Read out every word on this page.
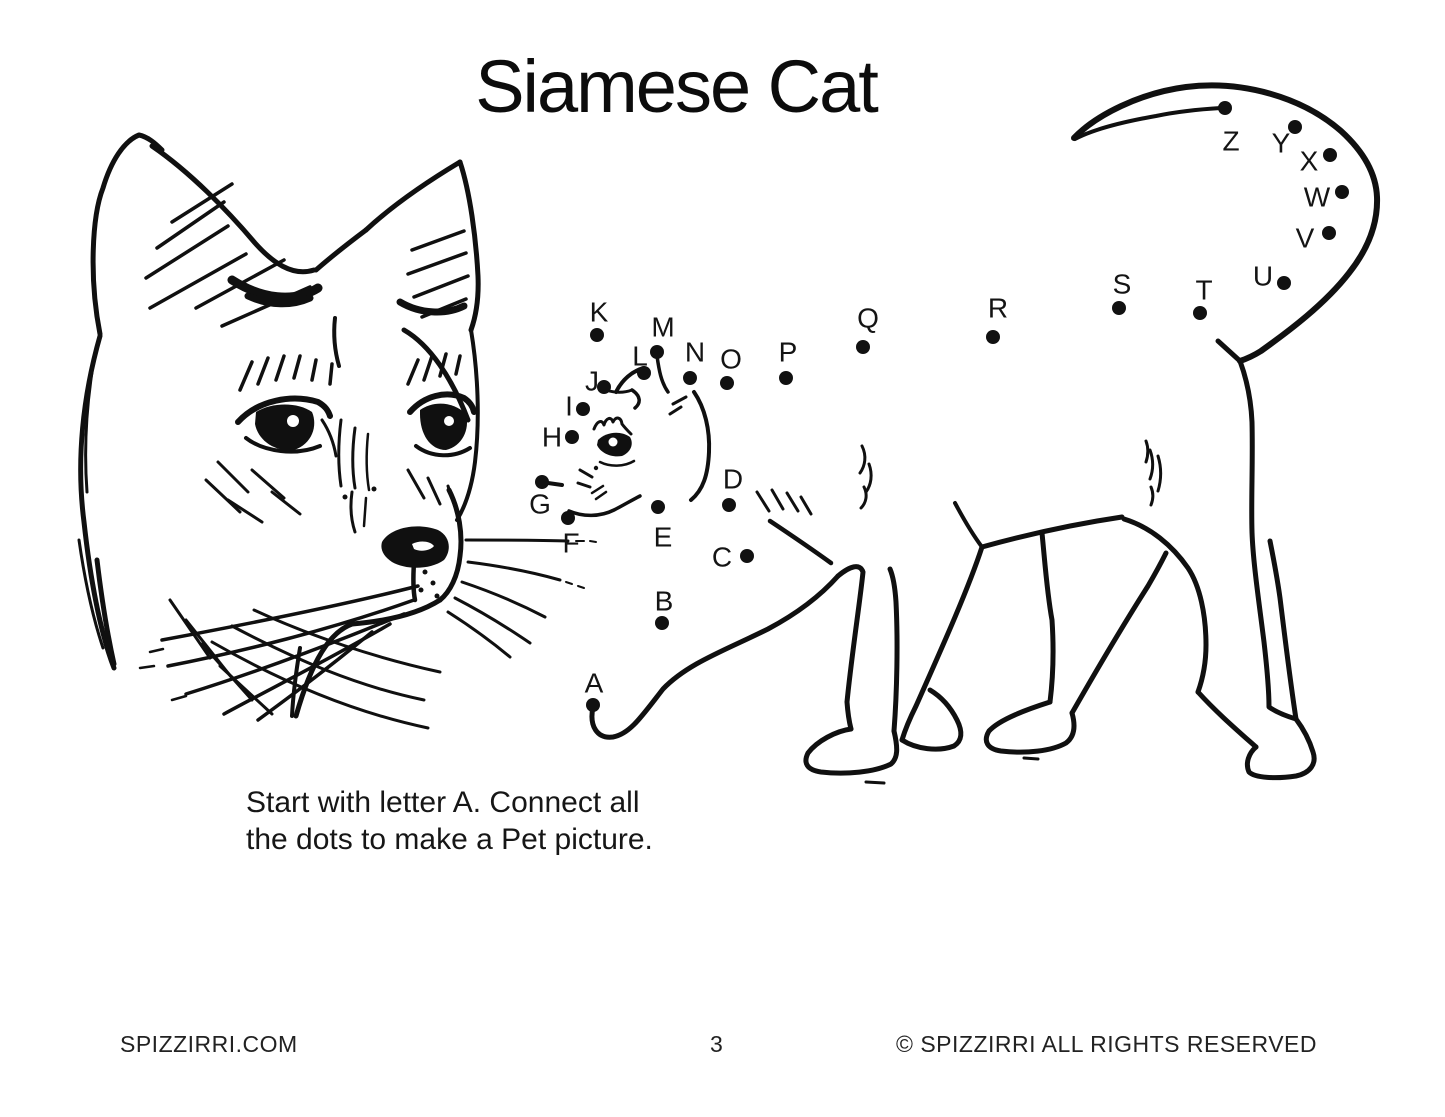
Siamese Cat
A
B
C
D
E
F
G
H
I
J
K
L
M
N O P
Q	R
S T U
V
W
X
Y
Z
Start with letter A. Connect all
the dots to make a Pet picture.
SPIZZIRRI.COM	3	© SPIZZIRRI ALL RIGHTS RESERVED
